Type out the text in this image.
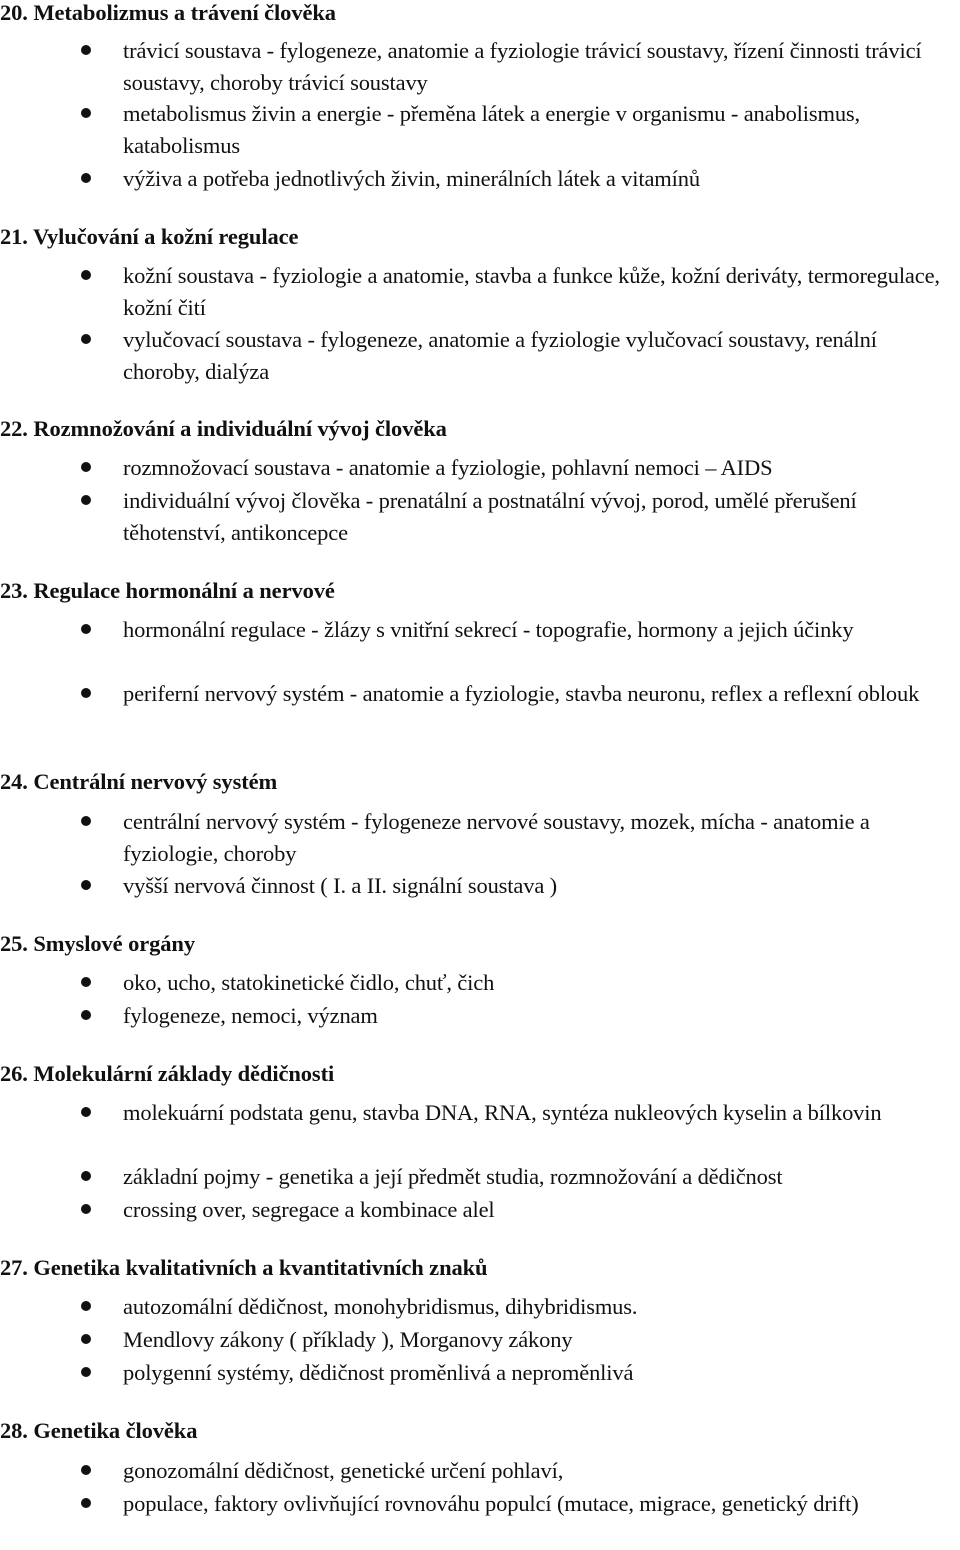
20. Metabolizmus a trávení člověka

trávicí soustava - fylogeneze, anatomie a fyziologie trávicí soustavy, řízení činnosti trávicí soustavy, choroby trávicí soustavy

metabolismus živin a energie - přeměna látek a energie v organismu - anabolismus, katabolismus

výživa a potřeba jednotlivých živin, minerálních látek a vitamínů

21. Vylučování a kožní regulace

kožní soustava - fyziologie a anatomie, stavba a funkce kůže, kožní deriváty, termoregulace, kožní čití

vylučovací soustava - fylogeneze, anatomie a fyziologie vylučovací soustavy, renální choroby, dialýza

22. Rozmnožování a individuální vývoj člověka

rozmnožovací soustava - anatomie a fyziologie, pohlavní nemoci – AIDS

individuální vývoj člověka - prenatální a postnatální vývoj, porod, umělé přerušení těhotenství, antikoncepce

23. Regulace hormonální a nervové

hormonální regulace - žlázy s vnitřní sekrecí - topografie, hormony a jejich účinky

periferní nervový systém - anatomie a fyziologie, stavba neuronu, reflex a reflexní oblouk

24. Centrální nervový systém

centrální nervový systém - fylogeneze nervové soustavy, mozek, mícha - anatomie a fyziologie, choroby

vyšší nervová činnost ( I. a II. signální soustava )

25. Smyslové orgány

oko, ucho, statokinetické čidlo, chuť, čich

fylogeneze, nemoci, význam

26. Molekulární základy dědičnosti

molekuární podstata genu, stavba DNA, RNA, syntéza nukleových kyselin a bílkovin

základní pojmy - genetika a její předmět studia, rozmnožování a dědičnost

crossing over, segregace a kombinace alel

27. Genetika kvalitativních a kvantitativních znaků

autozomální dědičnost, monohybridismus, dihybridismus.

Mendlovy zákony ( příklady ), Morganovy zákony

polygenní systémy, dědičnost proměnlivá a neproměnlivá

28. Genetika člověka

gonozomální dědičnost, genetické určení pohlaví,

populace, faktory ovlivňující rovnováhu populcí (mutace, migrace, genetický drift)
